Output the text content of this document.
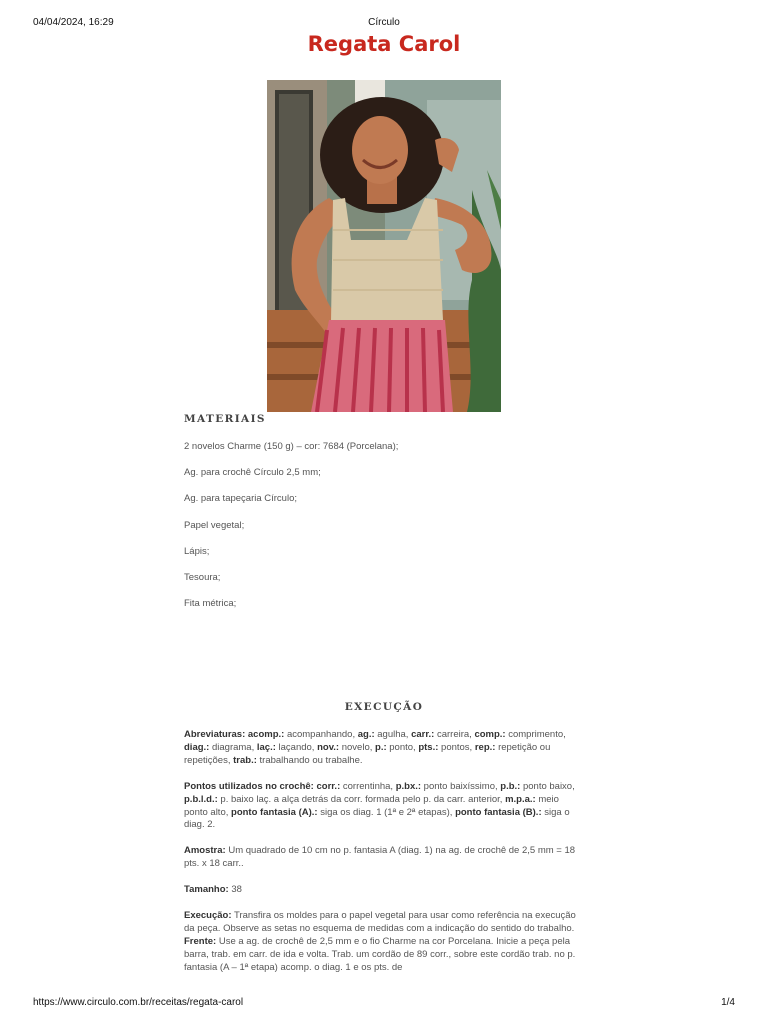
04/04/2024, 16:29	Círculo
Regata Carol
MATERIAIS
2 novelos Charme (150 g) – cor: 7684 (Porcelana);
Ag. para crochê Círculo 2,5 mm;
Ag. para tapeçaria Círculo;
Papel vegetal;
Lápis;
Tesoura;
Fita métrica;
EXECUÇÃO

Abreviaturas: acomp.: acompanhando, ag.: agulha, carr.: carreira, comp.: comprimento, diag.: diagrama, laç.: laçando, nov.: novelo, p.: ponto, pts.: pontos, rep.: repetição ou repetições, trab.: trabalhando ou trabalhe.

Pontos utilizados no crochê: corr.: correntinha, p.bx.: ponto baixíssimo, p.b.: ponto baixo, p.b.l.d.: p. baixo laç. a alça detrás da corr. formada pelo p. da carr. anterior, m.p.a.: meio ponto alto, ponto fantasia (A).: siga os diag. 1 (1ª e 2ª etapas), ponto fantasia (B).: siga o diag. 2.

Amostra: Um quadrado de 10 cm no p. fantasia A (diag. 1) na ag. de crochê de 2,5 mm = 18 pts. x 18 carr..

Tamanho: 38

Execução: Transfira os moldes para o papel vegetal para usar como referência na execução da peça. Observe as setas no esquema de medidas com a indicação do sentido do trabalho. Frente: Use a ag. de crochê de 2,5 mm e o fio Charme na cor Porcelana. Inicie a peça pela barra, trab. em carr. de ida e volta. Trab. um cordão de 89 corr., sobre este cordão trab. no p. fantasia (A – 1ª etapa) acomp. o diag. 1 e os pts. de

https://www.circulo.com.br/receitas/regata-carol	1/4
